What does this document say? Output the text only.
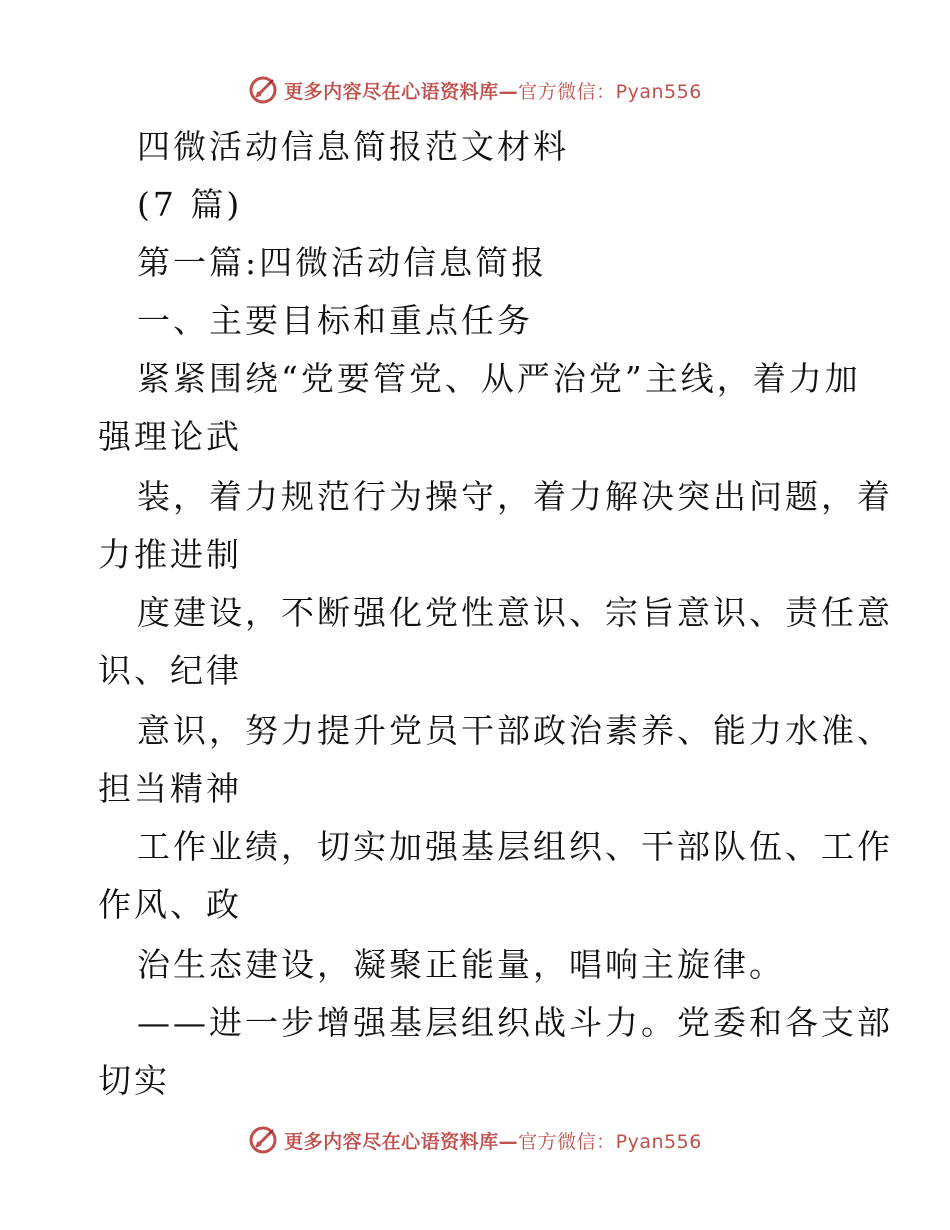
更多内容尽在心语资料库—官方微信：Pyan556
四微活动信息简报范文材料
(7 篇)
第一篇:四微活动信息简报
一、主要目标和重点任务
紧紧围绕“党要管党、从严治党”主线，着力加
强理论武
装，着力规范行为操守，着力解决突出问题，着
力推进制
度建设，不断强化党性意识、宗旨意识、责任意
识、纪律
意识，努力提升党员干部政治素养、能力水准、
担当精神
工作业绩，切实加强基层组织、干部队伍、工作
作风、政
治生态建设，凝聚正能量，唱响主旋律。
——进一步增强基层组织战斗力。党委和各支部
切实
更多内容尽在心语资料库—官方微信：Pyan556
